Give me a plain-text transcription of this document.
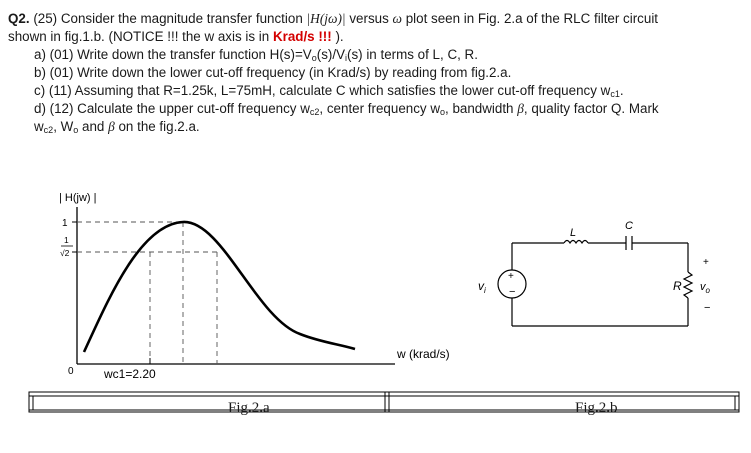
Q2. (25) Consider the magnitude transfer function |H(jω)| versus ω plot seen in Fig. 2.a of the RLC filter circuit
shown in fig.1.b. (NOTICE !!! the w axis is in Krad/s !!! ).
a) (01) Write down the transfer function $H(s)=V_o(s)/V_i(s)$ in terms of L, C, R.
b) (01) Write down the lower cut-off frequency (in Krad/s) by reading from fig.2.a.
c) (11) Assuming that R=1.25k, L=75mH, calculate C which satisfies the lower cut-off frequency $w_{c1}$.
d) (12) Calculate the upper cut-off frequency $w_{c2}$, center frequency $w_o$, bandwidth β, quality factor Q. Mark
$w_{c2}$, $W_o$ and β on the fig.2.a.
| H(jw) |
1
1
√2
0
w (krad/s)
wc1=2.20
+
−
$v_i$
L
C
R
+
$v_o$
−
Fig.2.a	Fig.2.b
